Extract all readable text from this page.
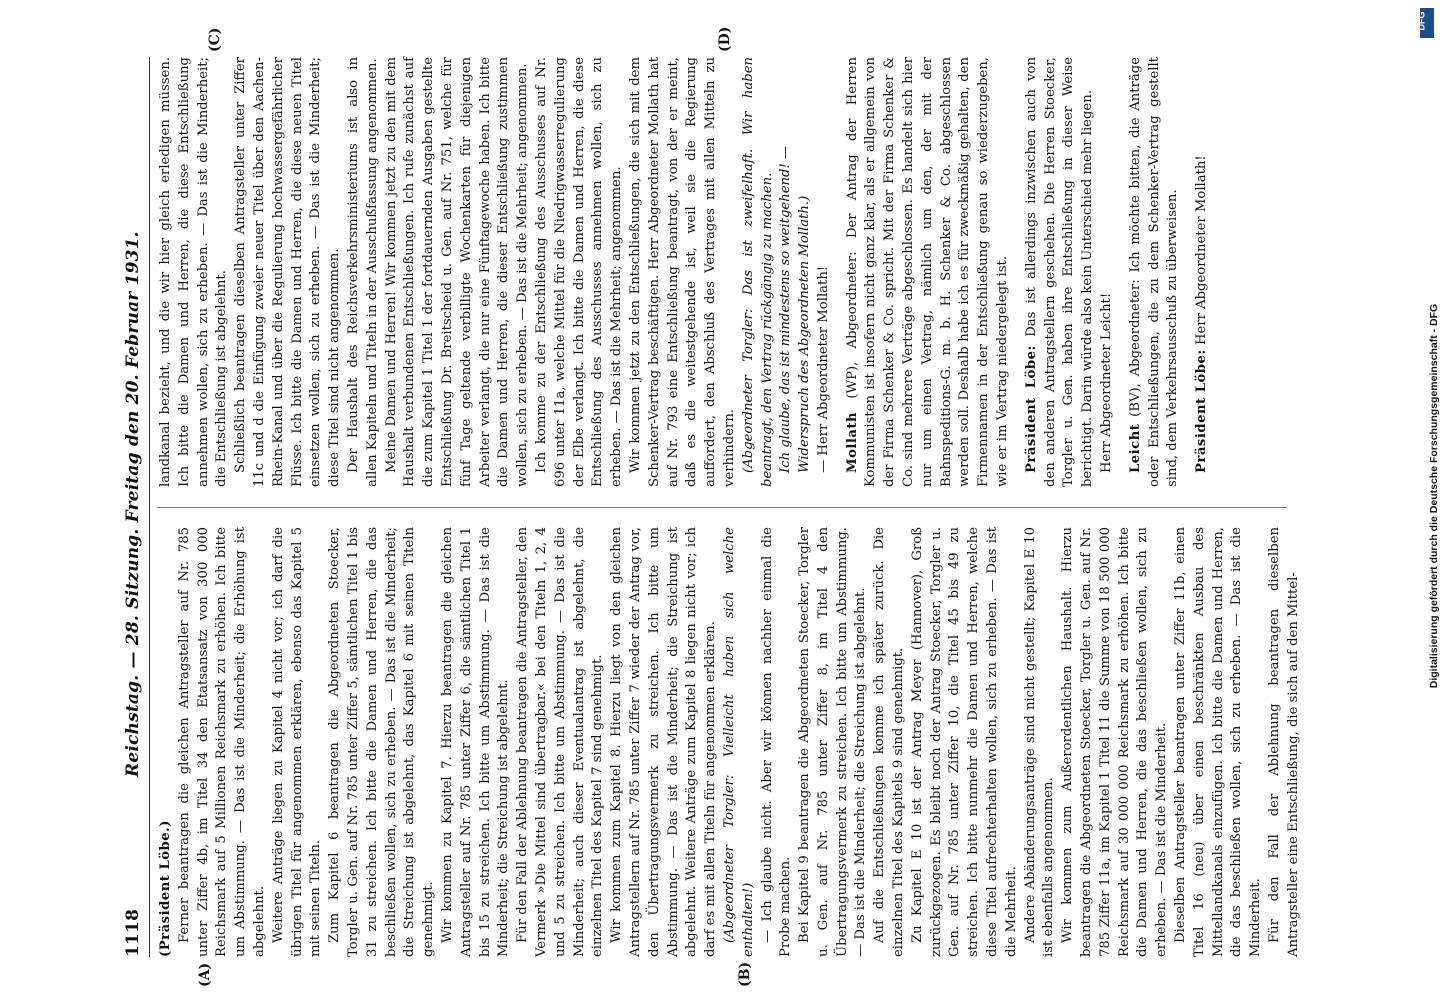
1118
Reichstag. — 28. Sitzung. Freitag den 20. Februar 1931.

(Präsident Löbe.) Ferner beantragen die gleichen Antragsteller auf Nr. 785 unter Ziffer 4b, im Titel 34 den Etatsansatz von 300 000 Reichsmark auf 5 Millionen Reichsmark zu erhöhen. Ich bitte um Abstimmung. — Das ist die Minderheit; die Erhöhung ist abgelehnt. Weitere Anträge liegen zu Kapitel 4 nicht vor; ich darf die übrigen Titel für angenommen erklären, ebenso das Kapitel 5 mit seinen Titeln. Zum Kapitel 6 beantragen die Abgeordneten Stoecker, Torgler u. Gen. auf Nr. 785 unter Ziffer 5, sämtlichen Titel 1 bis 31 zu streichen. Ich bitte die Damen und Herren, die das beschließen wollen, sich zu erheben. — Das ist die Minderheit; die Streichung ist abgelehnt, das Kapitel 6 mit seinen Titeln genehmigt. Wir kommen zu Kapitel 7. Hierzu beantragen die gleichen Antragsteller auf Nr. 785 unter Ziffer 6, die sämtlichen Titel 1 bis 15 zu streichen. Ich bitte um Abstimmung. — Das ist die Minderheit; die Streichung ist abgelehnt. Für den Fall der Ablehnung beantragen die Antragsteller, den Vermerk »Die Mittel sind übertragbar.« bei den Titeln 1, 2, 4 und 5 zu streichen. Ich bitte um Abstimmung. — Das ist die Minderheit; auch dieser Eventualantrag ist abgelehnt, die einzelnen Titel des Kapitel 7 sind genehmigt. Wir kommen zum Kapitel 8. Hierzu liegt von den gleichen Antragstellern auf Nr. 785 unter Ziffer 7 wieder der Antrag vor, den Übertragungsvermerk zu streichen. Ich bitte um Abstimmung. — Das ist die Minderheit; die Streichung ist abgelehnt. Weitere Anträge zum Kapitel 8 liegen nicht vor; ich darf es mit allen Titeln für angenommen erklären. (Abgeordneter Torgler: Vielleicht haben sich welche enthalten!) — Ich glaube nicht. Aber wir können nachher einmal die Probe machen. Bei Kapitel 9 beantragen die Abgeordneten Stoecker, Torgler u. Gen. auf Nr. 785 unter Ziffer 8, im Titel 4 den Übertragungsvermerk zu streichen. Ich bitte um Abstimmung. — Das ist die Minderheit; die Streichung ist abgelehnt. Auf die Entschließungen komme ich später zurück. Die einzelnen Titel des Kapitels 9 sind genehmigt. Zu Kapitel E 10 ist der Antrag Meyer (Hannover), Groß zurückgezogen. Es bleibt noch der Antrag Stoecker, Torgler u. Gen. auf Nr. 785 unter Ziffer 10, die Titel 45 bis 49 zu streichen. Ich bitte nunmehr die Damen und Herren, welche diese Titel aufrechterhalten wollen, sich zu erheben. — Das ist die Mehrheit. Andere Abänderungsanträge sind nicht gestellt; Kapitel E 10 ist ebenfalls angenommen. Wir kommen zum Außerordentlichen Haushalt. Hierzu beantragen die Abgeordneten Stoecker, Torgler u. Gen. auf Nr. 785 Ziffer 11a, im Kapitel 1 Titel 11 die Summe von 18 500 000 Reichsmark auf 30 000 000 Reichsmark zu erhöhen. Ich bitte die Damen und Herren, die das beschließen wollen, sich zu erheben. — Das ist die Minderheit. Dieselben Antragsteller beantragen unter Ziffer 11b, einen Titel 16 (neu) über einen beschränkten Ausbau des Mittellandkanals einzufügen. Ich bitte die Damen und Herren, die das beschließen wollen, sich zu erheben. — Das ist die Minderheit. Für den Fall der Ablehnung beantragen dieselben Antragsteller eine Entschließung, die sich auf den Mittel-

landkanal bezieht, und die wir hier gleich erledigen müssen. Ich bitte die Damen und Herren, die diese Entschließung annehmen wollen, sich zu erheben. — Das ist die Minderheit; die Entschließung ist abgelehnt. Schließlich beantragen dieselben Antragsteller unter Ziffer 11c und d die Einfügung zweier neuer Titel über den Aachen-Rhein-Kanal und über die Regulierung hochwassergefährlicher Flüsse. Ich bitte die Damen und Herren, die diese neuen Titel einsetzen wollen, sich zu erheben. — Das ist die Minderheit; diese Titel sind nicht angenommen. Der Haushalt des Reichsverkehrsministeriums ist also in allen Kapiteln und Titeln in der Ausschußfassung angenommen. Meine Damen und Herren! Wir kommen jetzt zu den mit dem Haushalt verbundenen Entschließungen. Ich rufe zunächst auf die zum Kapitel 1 Titel 1 der fortdauernden Ausgaben gestellte Entschließung Dr. Breitscheid u. Gen. auf Nr. 751, welche für fünf Tage geltende verbilligte Wochenkarten für diejenigen Arbeiter verlangt, die nur eine Fünftagewoche haben. Ich bitte die Damen und Herren, die dieser Entschließung zustimmen wollen, sich zu erheben. — Das ist die Mehrheit; angenommen. Ich komme zu der Entschließung des Ausschusses auf Nr. 696 unter 11a, welche Mittel für die Niedrigwasserregulierung der Elbe verlangt. Ich bitte die Damen und Herren, die diese Entschließung des Ausschusses annehmen wollen, sich zu erheben. — Das ist die Mehrheit; angenommen. Wir kommen jetzt zu den Entschließungen, die sich mit dem Schenker-Vertrag beschäftigen. Herr Abgeordneter Mollath hat auf Nr. 793 eine Entschließung beantragt, von der er meint, daß es die weitestgehende ist, weil sie die Regierung auffordert, den Abschluß des Vertrages mit allen Mitteln zu verhindern. (Abgeordneter Torgler: Das ist zweifelhaft. Wir haben beantragt, den Vertrag rückgängig zu machen. Ich glaube, das ist mindestens so weitgehend! — Widerspruch des Abgeordneten Mollath.) — Herr Abgeordneter Mollath! Mollath (WP), Abgeordneter: Der Antrag der Herren Kommunisten ist insofern nicht ganz klar, als er allgemein von der Firma Schenker & Co. spricht. Mit der Firma Schenker & Co. sind mehrere Verträge abgeschlossen. Es handelt sich hier nur um einen Vertrag, nämlich um den, der mit der Bahnspeditions-G. m. b. H. Schenker & Co. abgeschlossen werden soll. Deshalb habe ich es für zweckmäßig gehalten, den Firmennamen in der Entschließung genau so wiederzugeben, wie er im Vertrag niedergelegt ist. Präsident Löbe: Das ist allerdings inzwischen auch von den anderen Antragstellern geschehen. Die Herren Stoecker, Torgler u. Gen. haben ihre Entschließung in dieser Weise berichtigt. Darin würde also kein Unterschied mehr liegen. Herr Abgeordneter Leicht! Leicht (BV), Abgeordneter: Ich möchte bitten, die Anträge oder Entschließungen, die zu dem Schenker-Vertrag gestellt sind, dem Verkehrsausschuß zu überweisen. Präsident Löbe: Herr Abgeordneter Mollath!

(A)	(B)
(C)	(D)
DFG
Digitalisierung gefördert durch die Deutsche Forschungsgemeinschaft - DFG
